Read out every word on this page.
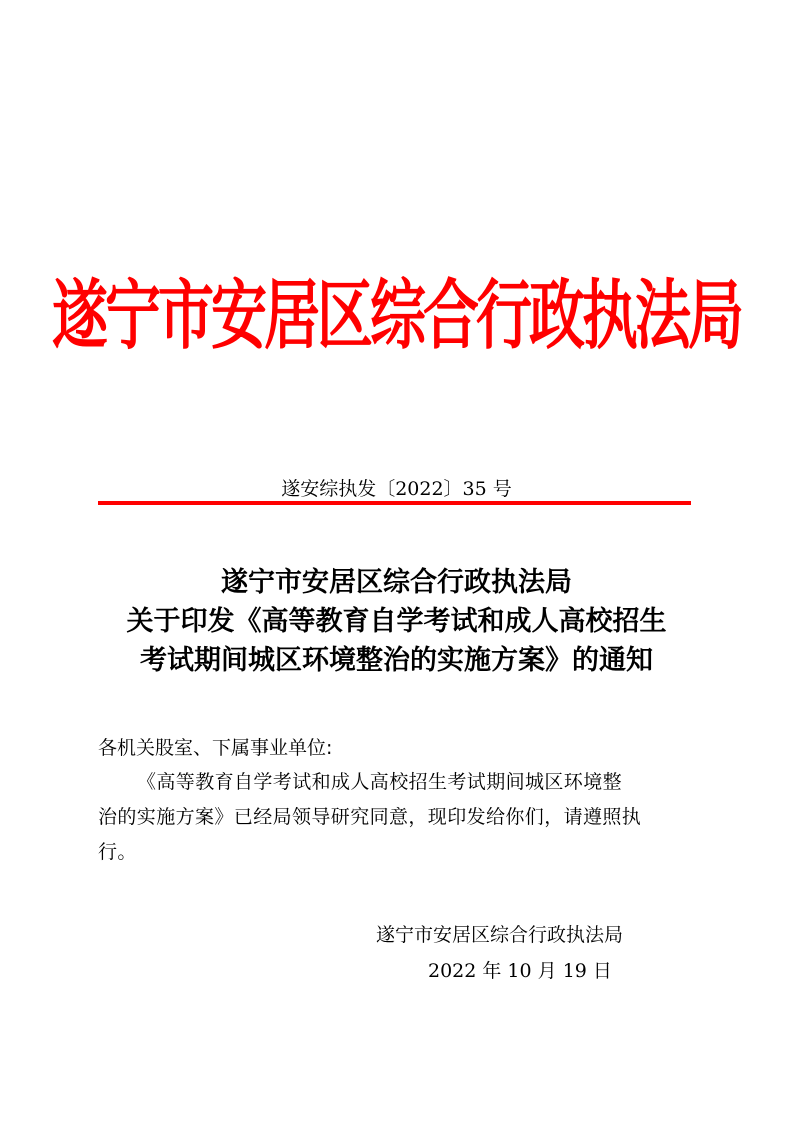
遂宁市安居区综合行政执法局
遂安综执发〔2022〕35 号
遂宁市安居区综合行政执法局
关于印发《高等教育自学考试和成人高校招生
考试期间城区环境整治的实施方案》的通知
各机关股室、下属事业单位:
《高等教育自学考试和成人高校招生考试期间城区环境整
治的实施方案》已经局领导研究同意，现印发给你们，请遵照执
行。
遂宁市安居区综合行政执法局
2022 年 10 月 19 日
